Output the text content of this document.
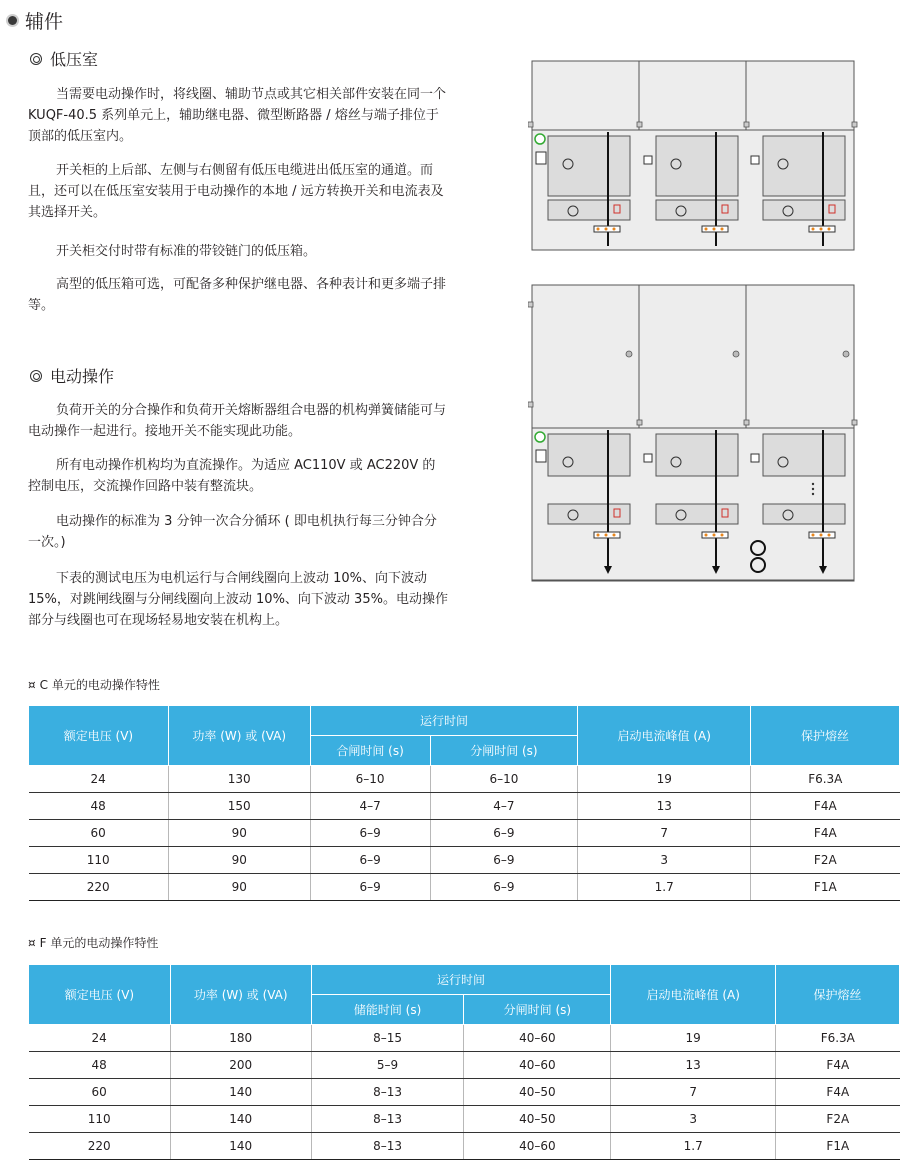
辅件
低压室

当需要电动操作时，将线圈、辅助节点或其它相关部件安装在同一个 KUQF-40.5 系列单元上，辅助继电器、微型断路器 / 熔丝与端子排位于顶部的低压室内。

开关柜的上后部、左侧与右侧留有低压电缆进出低压室的通道。而且，还可以在低压室安装用于电动操作的本地 / 远方转换开关和电流表及其选择开关。

开关柜交付时带有标准的带铰链门的低压箱。

高型的低压箱可选，可配备多种保护继电器、各种表计和更多端子排等。

电动操作

负荷开关的分合操作和负荷开关熔断器组合电器的机构弹簧储能可与电动操作一起进行。接地开关不能实现此功能。

所有电动操作机构均为直流操作。为适应 AC110V 或 AC220V 的控制电压，交流操作回路中装有整流块。

电动操作的标准为 3 分钟一次合分循环 ( 即电机执行每三分钟合分一次。)

下表的测试电压为电机运行与合闸线圈向上波动 10%、向下波动 15%，对跳闸线圈与分闸线圈向上波动 10%、向下波动 35%。电动操作部分与线圈也可在现场轻易地安装在机构上。

¤ C 单元的电动操作特性
额定电压 (V)	功率 (W) 或 (VA)	运行时间		启动电流峰值 (A)	保护熔丝
		合闸时间 (s)	分闸时间 (s)		
24	130	6–10	6–10	19	F6.3A
48	150	4–7	4–7	13	F4A
60	90	6–9	6–9	7	F4A
110	90	6–9	6–9	3	F2A
220	90	6–9	6–9	1.7	F1A
¤ F 单元的电动操作特性
额定电压 (V)	功率 (W) 或 (VA)	运行时间		启动电流峰值 (A)	保护熔丝
		储能时间 (s)	分闸时间 (s)		
24	180	8–15	40–60	19	F6.3A
48	200	5–9	40–60	13	F4A
60	140	8–13	40–50	7	F4A
110	140	8–13	40–50	3	F2A
220	140	8–13	40–60	1.7	F1A
